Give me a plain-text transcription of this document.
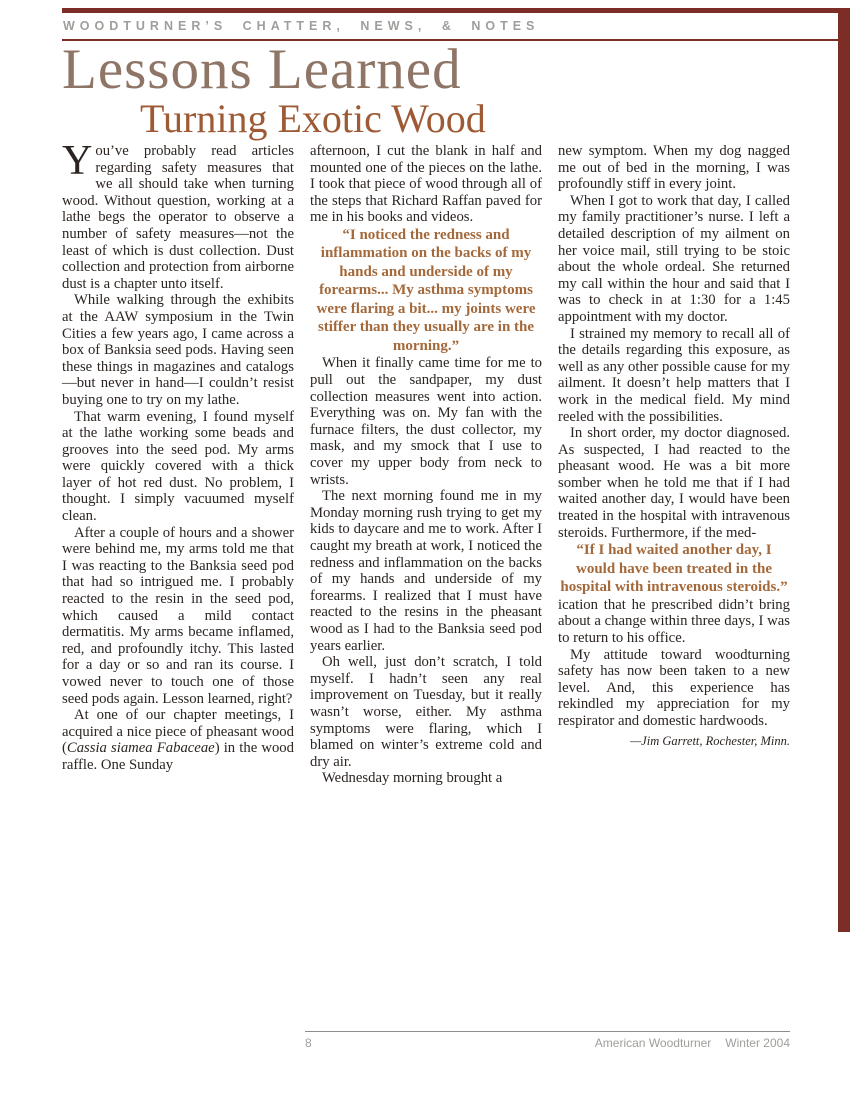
WOODTURNER’S CHATTER, NEWS, & NOTES
Lessons Learned
Turning Exotic Wood

You’ve probably read articles regarding safety measures that we all should take when turning wood. Without question, working at a lathe begs the operator to observe a number of safety measures—not the least of which is dust collection. Dust collection and protection from airborne dust is a chapter unto itself.

While walking through the exhibits at the AAW symposium in the Twin Cities a few years ago, I came across a box of Banksia seed pods. Having seen these things in magazines and catalogs—but never in hand—I couldn’t resist buying one to try on my lathe.

That warm evening, I found myself at the lathe working some beads and grooves into the seed pod. My arms were quickly covered with a thick layer of hot red dust. No problem, I thought. I simply vacuumed myself clean.

After a couple of hours and a shower were behind me, my arms told me that I was reacting to the Banksia seed pod that had so intrigued me. I probably reacted to the resin in the seed pod, which caused a mild contact dermatitis. My arms became inflamed, red, and profoundly itchy. This lasted for a day or so and ran its course. I vowed never to touch one of those seed pods again. Lesson learned, right?

At one of our chapter meetings, I acquired a nice piece of pheasant wood (Cassia siamea Fabaceae) in the wood raffle. One Sunday

afternoon, I cut the blank in half and mounted one of the pieces on the lathe. I took that piece of wood through all of the steps that Richard Raffan paved for me in his books and videos.

“I noticed the redness and inflammation on the backs of my hands and underside of my forearms... My asthma symptoms were flaring a bit... my joints were stiffer than they usually are in the morning.”

When it finally came time for me to pull out the sandpaper, my dust collection measures went into action. Everything was on. My fan with the furnace filters, the dust collector, my mask, and my smock that I use to cover my upper body from neck to wrists.

The next morning found me in my Monday morning rush trying to get my kids to daycare and me to work. After I caught my breath at work, I noticed the redness and inflammation on the backs of my hands and underside of my forearms. I realized that I must have reacted to the resins in the pheasant wood as I had to the Banksia seed pod years earlier.

Oh well, just don’t scratch, I told myself. I hadn’t seen any real improvement on Tuesday, but it really wasn’t worse, either. My asthma symptoms were flaring, which I blamed on winter’s extreme cold and dry air.

Wednesday morning brought a

new symptom. When my dog nagged me out of bed in the morning, I was profoundly stiff in every joint.

When I got to work that day, I called my family practitioner’s nurse. I left a detailed description of my ailment on her voice mail, still trying to be stoic about the whole ordeal. She returned my call within the hour and said that I was to check in at 1:30 for a 1:45 appointment with my doctor.

I strained my memory to recall all of the details regarding this exposure, as well as any other possible cause for my ailment. It doesn’t help matters that I work in the medical field. My mind reeled with the possibilities.

In short order, my doctor diagnosed. As suspected, I had reacted to the pheasant wood. He was a bit more somber when he told me that if I had waited another day, I would have been treated in the hospital with intravenous steroids. Furthermore, if the med-

“If I had waited another day, I would have been treated in the hospital with intravenous steroids.”

ication that he prescribed didn’t bring about a change within three days, I was to return to his office.

My attitude toward woodturning safety has now been taken to a new level. And, this experience has rekindled my appreciation for my respirator and domestic hardwoods.

—Jim Garrett, Rochester, Minn.
8	American Woodturner Winter 2004
